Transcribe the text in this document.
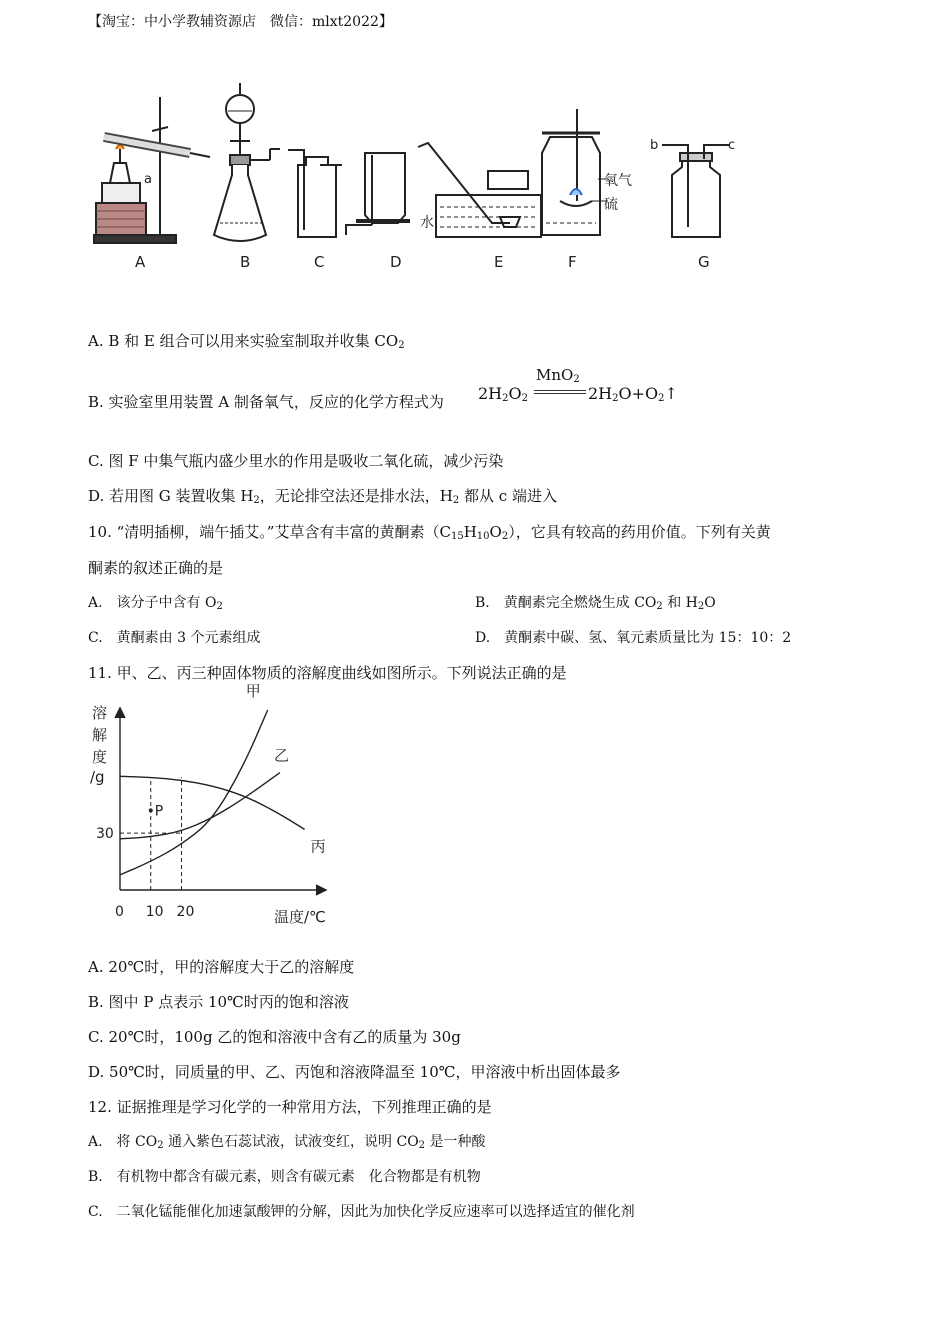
【淘宝：中小学教辅资源店　微信：mlxt2022】
A	B	C	D	E	F	G
a
b	c
水
氧气
硫
A. B 和 E 组合可以用来实验室制取并收集 $CO_2$
B. 实验室里用装置 A 制备氧气，反应的化学方程式为 $2H_2O_2$
MnO$_2$
$2H_2O+O_2↑$
C. 图 F 中集气瓶内盛少里水的作用是吸收二氧化硫，减少污染
D. 若用图 G 装置收集 $H_2$，无论排空法还是排水法，$H_2$ 都从 c 端进入
10. “清明插柳，端午插艾。”艾草含有丰富的黄酮素$(C_{15}H_{10}O_2)$，它具有较高的药用价值。下列有关黄
酮素的叙述正确的是
A.　该分子中含有 $O_2$	B.　黄酮素完全燃烧生成 $CO_2$ 和 $H_2O$
C.　黄酮素由 3 个元素组成	D.　黄酮素中碳、氢、氧元素质量比为 15：10：2
11. 甲、乙、丙三种固体物质的溶解度曲线如图所示。下列说法正确的是
溶
解
度
/g
温度/℃
甲
乙
丙
0 10 20
30
P
A. 20℃时，甲的溶解度大于乙的溶解度
B. 图中 P 点表示 10℃时丙的饱和溶液
C. 20℃时，100g 乙的饱和溶液中含有乙的质量为 30g
D. 50℃时，同质量的甲、乙、丙饱和溶液降温至 10℃，甲溶液中析出固体最多
12. 证据推理是学习化学的一种常用方法，下列推理正确的是
A.　将 $CO_2$ 通入紫色石蕊试液，试液变红，说明 $CO_2$ 是一种酸
B.　有机物中都含有碳元素，则含有碳元素　化合物都是有机物
C.　二氧化锰能催化加速氯酸钾的分解，因此为加快化学反应速率可以选择适宜的催化剂
